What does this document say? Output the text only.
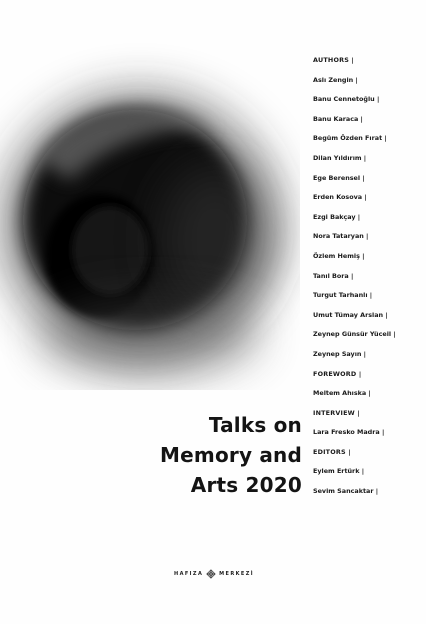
Talks on
Memory and
Arts 2020
AUTHORS |
Aslı Zengin |
Banu Cennetoğlu |
Banu Karaca |
Begüm Özden Fırat |
Dilan Yıldırım |
Ege Berensel |
Erden Kosova |
Ezgi Bakçay |
Nora Tataryan |
Özlem Hemiş |
Tanıl Bora |
Turgut Tarhanlı |
Umut Tümay Arslan |
Zeynep Günsür Yüceil |
Zeynep Sayın |
FOREWORD |
Meltem Ahıska |
INTERVIEW |
Lara Fresko Madra |
EDITORS |
Eylem Ertürk |
Sevim Sancaktar |
HAFIZA	MERKEZİ
